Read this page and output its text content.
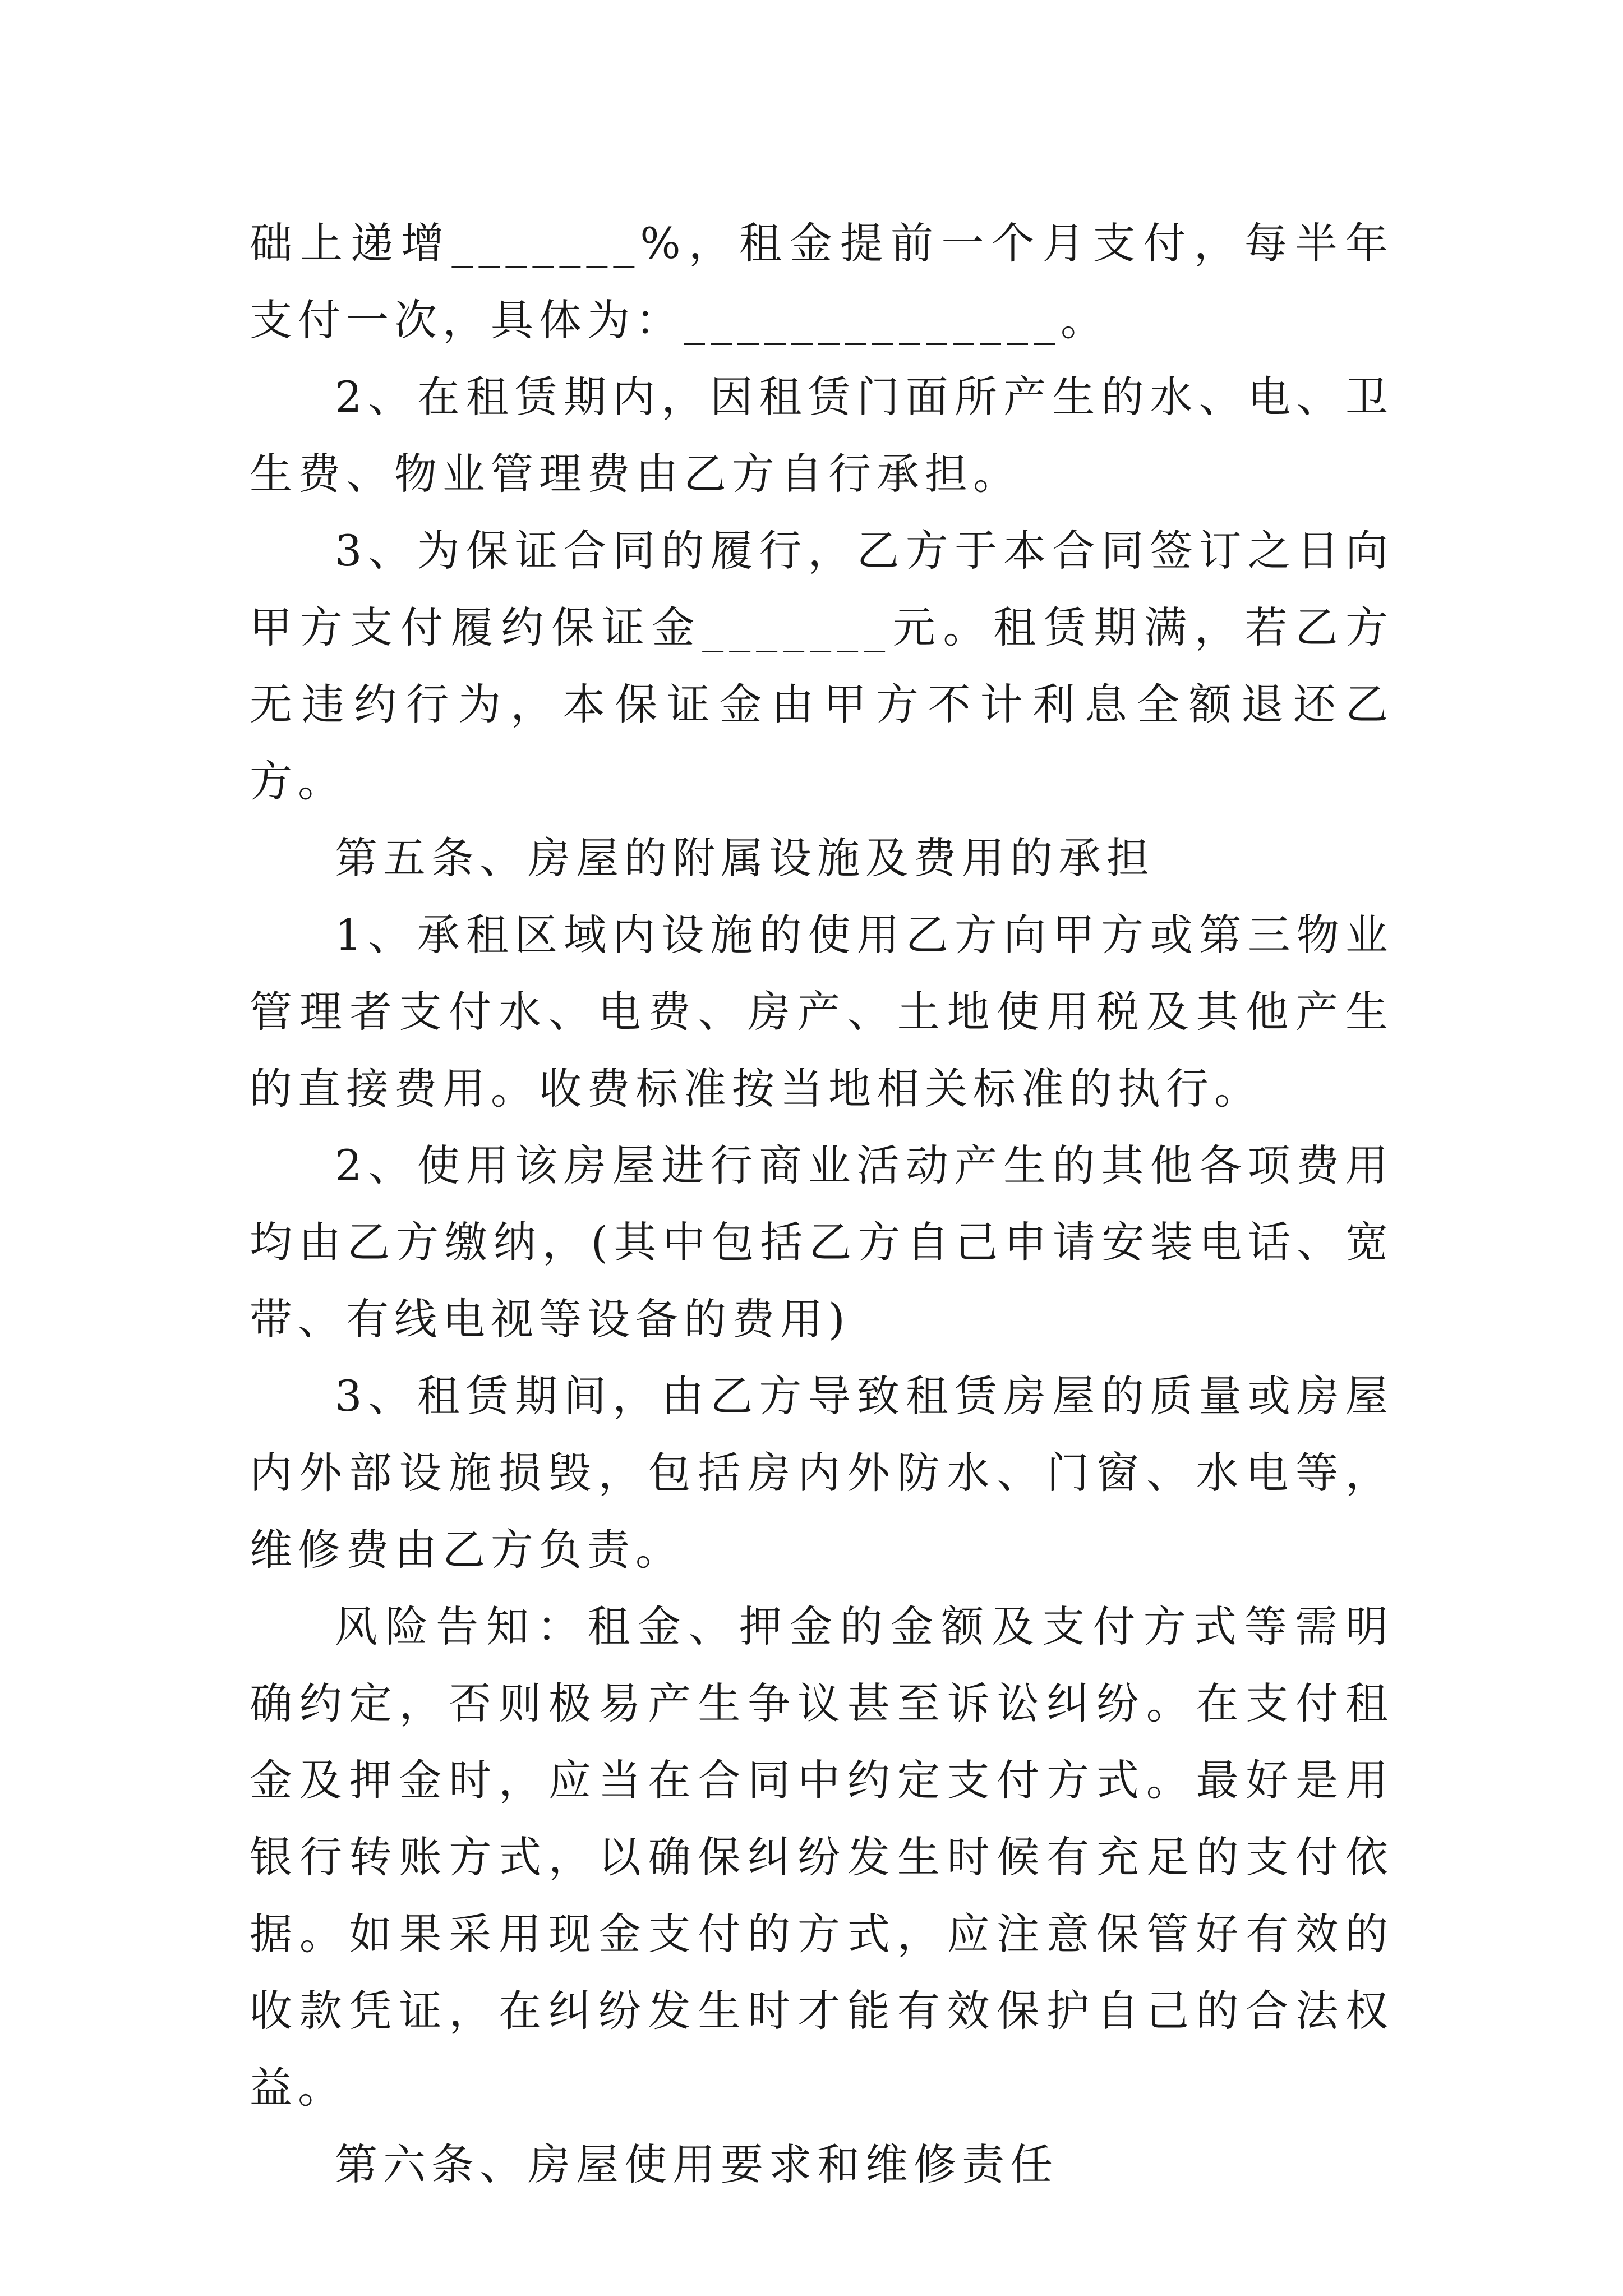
础上递增_______%，租金提前一个月支付，每半年支付一次，具体为：______________。

2、在租赁期内，因租赁门面所产生的水、电、卫生费、物业管理费由乙方自行承担。

3、为保证合同的履行，乙方于本合同签订之日向甲方支付履约保证金_______元。租赁期满，若乙方无违约行为，本保证金由甲方不计利息全额退还乙方。

第五条、房屋的附属设施及费用的承担

1、承租区域内设施的使用乙方向甲方或第三物业管理者支付水、电费、房产、土地使用税及其他产生的直接费用。收费标准按当地相关标准的执行。

2、使用该房屋进行商业活动产生的其他各项费用均由乙方缴纳，(其中包括乙方自己申请安装电话、宽带、有线电视等设备的费用)

3、租赁期间，由乙方导致租赁房屋的质量或房屋内外部设施损毁，包括房内外防水、门窗、水电等，维修费由乙方负责。

风险告知：租金、押金的金额及支付方式等需明确约定，否则极易产生争议甚至诉讼纠纷。在支付租金及押金时，应当在合同中约定支付方式。最好是用银行转账方式，以确保纠纷发生时候有充足的支付依据。如果采用现金支付的方式，应注意保管好有效的收款凭证，在纠纷发生时才能有效保护自己的合法权益。

第六条、房屋使用要求和维修责任
